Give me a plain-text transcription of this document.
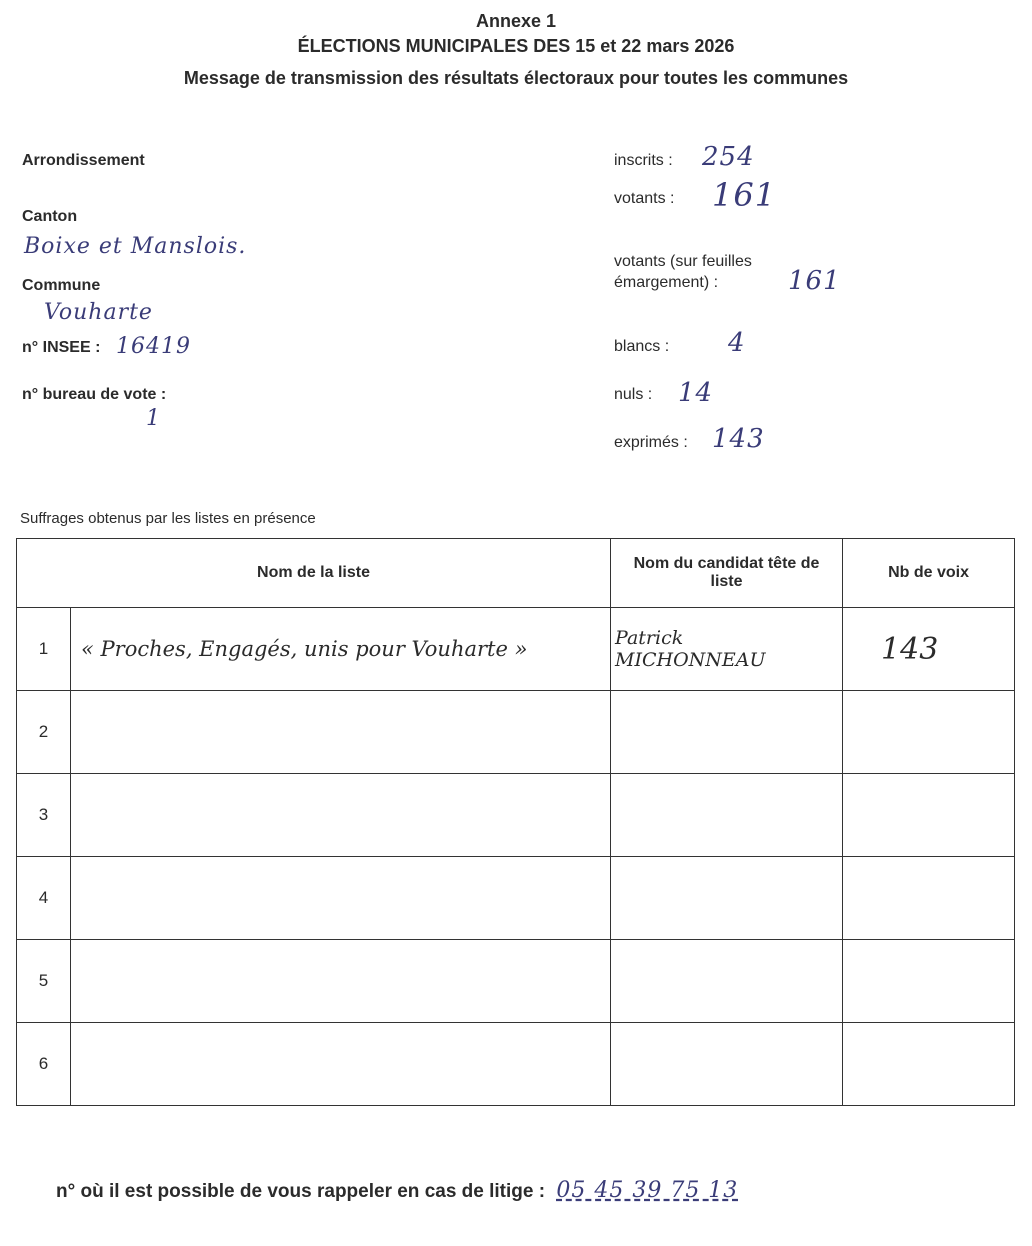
Annexe 1
ÉLECTIONS MUNICIPALES DES 15 et 22 mars 2026
Message de transmission des résultats électoraux pour toutes les communes
Arrondissement
Canton
Boixe et Manslois.
Commune
Vouharte
n° INSEE : 16419
n° bureau de vote :
1
inscrits : 254
votants : 161
votants (sur feuilles
émargement) :	161
blancs : 4
nuls : 14
exprimés : 143
Suffrages obtenus par les listes en présence
Nom de la liste		Nom du candidat tête de liste	Nb de voix
1	« Proches, Engagés, unis pour Vouharte »	Patrick MICHONNEAU	143
2			
3			
4			
5			
6			
n° où il est possible de vous rappeler en cas de litige : 05 45 39 75 13
